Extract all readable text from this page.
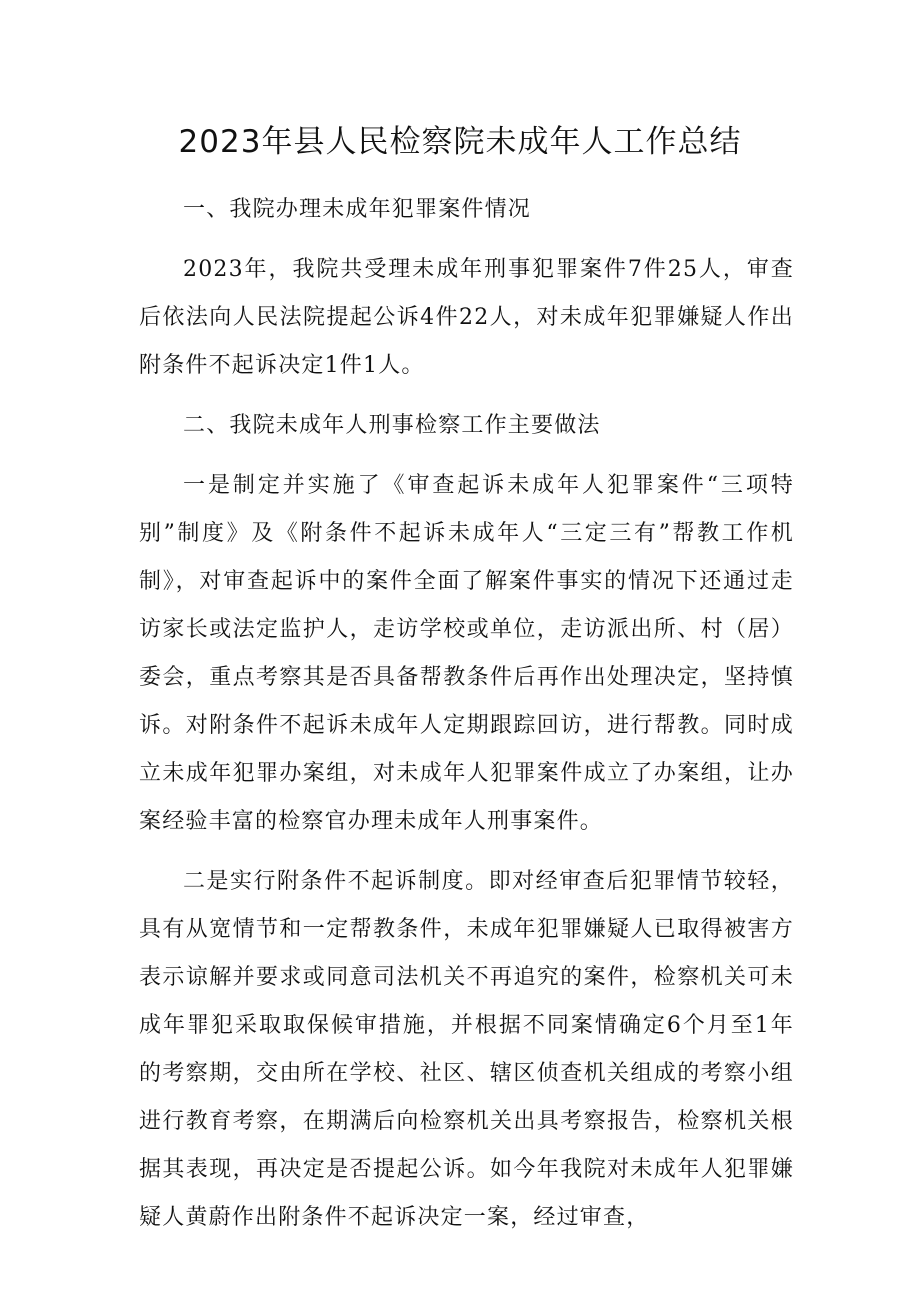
2023年县人民检察院未成年人工作总结

一、我院办理未成年犯罪案件情况

2023年，我院共受理未成年刑事犯罪案件7件25人，审查后依法向人民法院提起公诉4件22人，对未成年犯罪嫌疑人作出附条件不起诉决定1件1人。

二、我院未成年人刑事检察工作主要做法

一是制定并实施了《审查起诉未成年人犯罪案件“三项特别”制度》及《附条件不起诉未成年人“三定三有”帮教工作机制》，对审查起诉中的案件全面了解案件事实的情况下还通过走访家长或法定监护人，走访学校或单位，走访派出所、村（居）委会，重点考察其是否具备帮教条件后再作出处理决定，坚持慎诉。对附条件不起诉未成年人定期跟踪回访，进行帮教。同时成立未成年犯罪办案组，对未成年人犯罪案件成立了办案组，让办案经验丰富的检察官办理未成年人刑事案件。

二是实行附条件不起诉制度。即对经审查后犯罪情节较轻，具有从宽情节和一定帮教条件，未成年犯罪嫌疑人已取得被害方表示谅解并要求或同意司法机关不再追究的案件，检察机关可未成年罪犯采取取保候审措施，并根据不同案情确定6个月至1年的考察期，交由所在学校、社区、辖区侦查机关组成的考察小组进行教育考察，在期满后向检察机关出具考察报告，检察机关根据其表现，再决定是否提起公诉。如今年我院对未成年人犯罪嫌疑人黄蔚作出附条件不起诉决定一案，经过审查，
